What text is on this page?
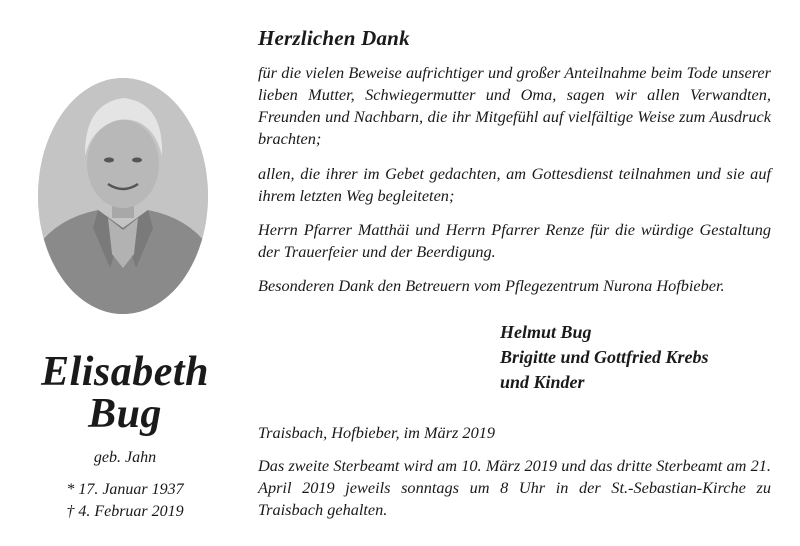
Elisabeth
Bug
geb. Jahn
* 17. Januar 1937
† 4. Februar 2019
Herzlichen Dank
für die vielen Beweise aufrichtiger und großer Anteilnahme beim Tode unserer lieben Mutter, Schwiegermutter und Oma, sagen wir allen Verwandten, Freunden und Nachbarn, die ihr Mitgefühl auf vielfältige Weise zum Ausdruck brachten;
allen, die ihrer im Gebet gedachten, am Gottesdienst teilnahmen und sie auf ihrem letzten Weg begleiteten;
Herrn Pfarrer Matthäi und Herrn Pfarrer Renze für die würdige Gestaltung der Trauerfeier und der Beerdigung.
Besonderen Dank den Betreuern vom Pflegezentrum Nurona Hofbieber.
Helmut Bug
Brigitte und Gottfried Krebs
und Kinder
Traisbach, Hofbieber, im März 2019
Das zweite Sterbeamt wird am 10. März 2019 und das dritte Sterbeamt am 21. April 2019 jeweils sonntags um 8 Uhr in der St.-Sebastian-Kirche zu Traisbach gehalten.
